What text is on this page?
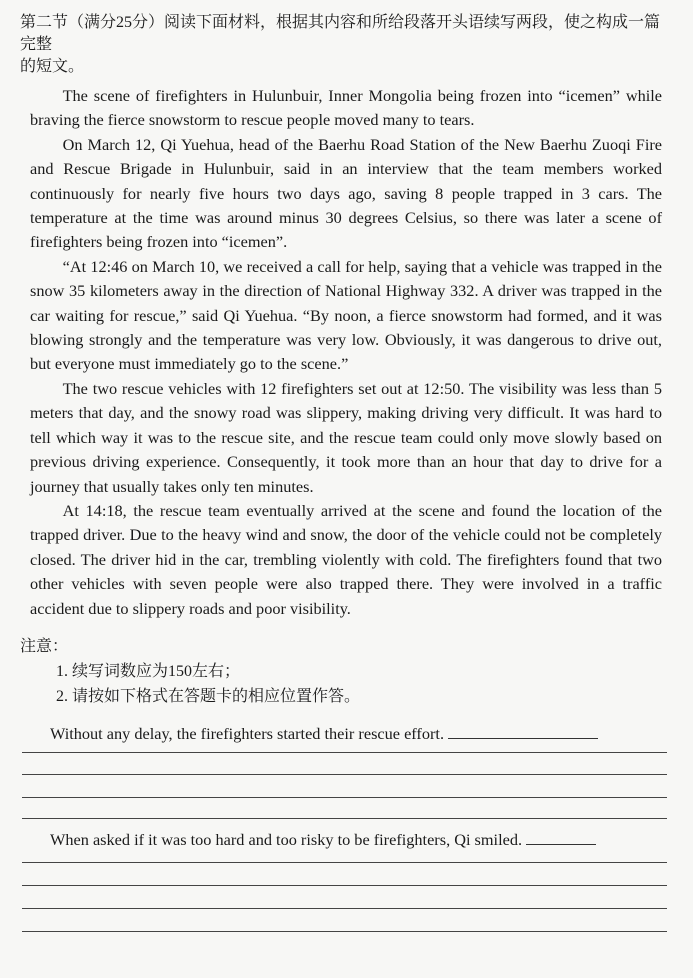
第二节（满分25分）阅读下面材料，根据其内容和所给段落开头语续写两段，使之构成一篇完整
的短文。

The scene of firefighters in Hulunbuir, Inner Mongolia being frozen into “icemen” while braving the fierce snowstorm to rescue people moved many to tears.

On March 12, Qi Yuehua, head of the Baerhu Road Station of the New Baerhu Zuoqi Fire and Rescue Brigade in Hulunbuir, said in an interview that the team members worked continuously for nearly five hours two days ago, saving 8 people trapped in 3 cars. The temperature at the time was around minus 30 degrees Celsius, so there was later a scene of firefighters being frozen into “icemen”.

“At 12:46 on March 10, we received a call for help, saying that a vehicle was trapped in the snow 35 kilometers away in the direction of National Highway 332. A driver was trapped in the car waiting for rescue,” said Qi Yuehua. “By noon, a fierce snowstorm had formed, and it was blowing strongly and the temperature was very low. Obviously, it was dangerous to drive out, but everyone must immediately go to the scene.”

The two rescue vehicles with 12 firefighters set out at 12:50. The visibility was less than 5 meters that day, and the snowy road was slippery, making driving very difficult. It was hard to tell which way it was to the rescue site, and the rescue team could only move slowly based on previous driving experience. Consequently, it took more than an hour that day to drive for a journey that usually takes only ten minutes.

At 14:18, the rescue team eventually arrived at the scene and found the location of the trapped driver. Due to the heavy wind and snow, the door of the vehicle could not be completely closed. The driver hid in the car, trembling violently with cold. The firefighters found that two other vehicles with seven people were also trapped there. They were involved in a traffic accident due to slippery roads and poor visibility.

注意：
1. 续写词数应为150左右；
2. 请按如下格式在答题卡的相应位置作答。
Without any delay, the firefighters started their rescue effort.
When asked if it was too hard and too risky to be firefighters, Qi smiled.
